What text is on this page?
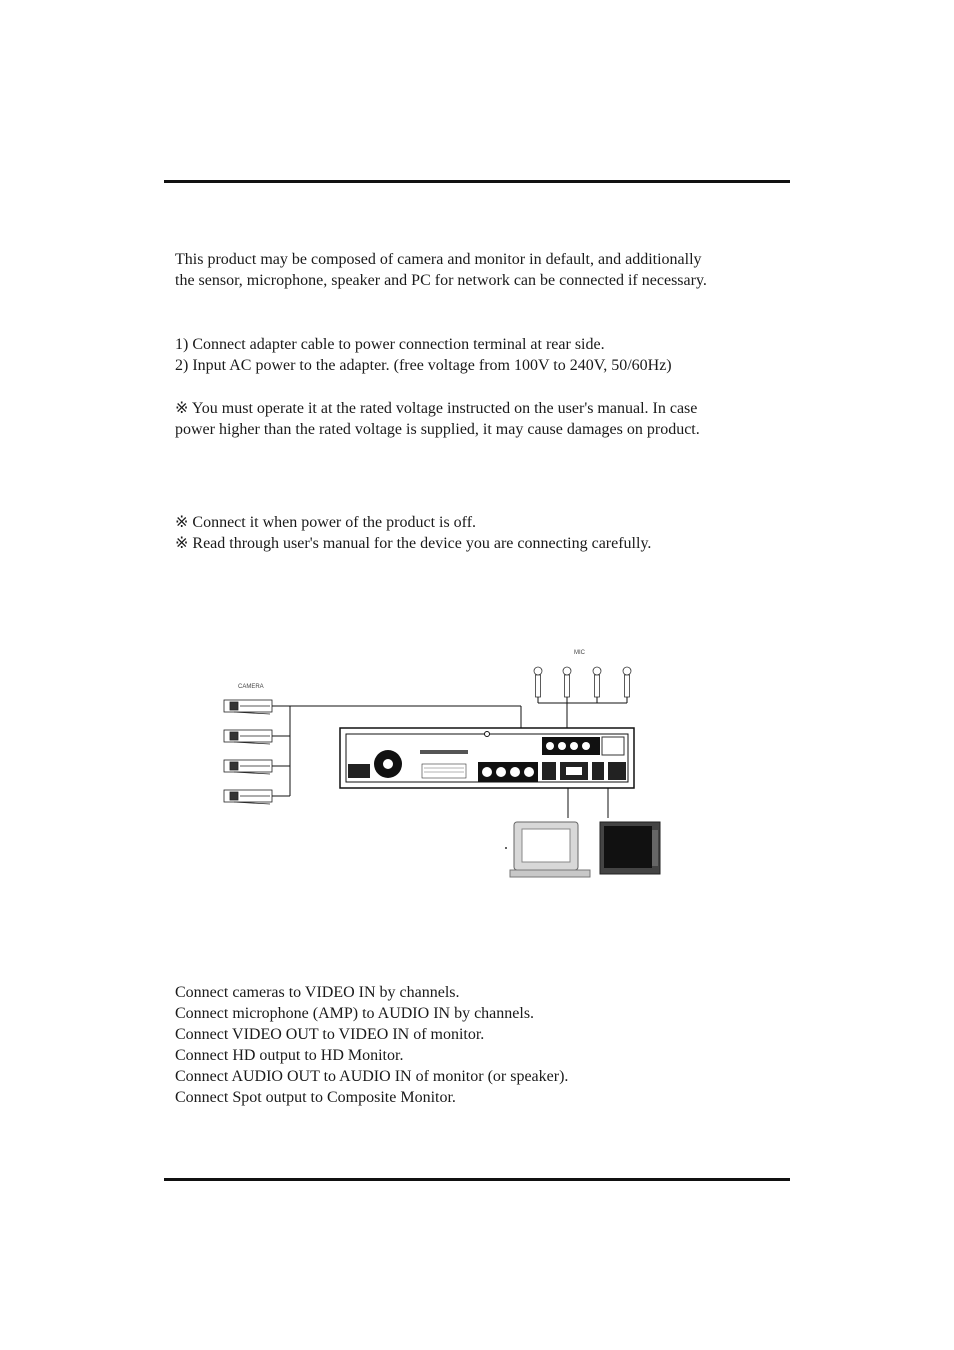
This product may be composed of camera and monitor in default, and additionally
the sensor, microphone, speaker and PC for network can be connected if necessary.
1) Connect adapter cable to power connection terminal at rear side.
2) Input AC power to the adapter. (free voltage from 100V to 240V, 50/60Hz)
※ You must operate it at the rated voltage instructed on the user's manual. In case
power higher than the rated voltage is supplied, it may cause damages on product.
※ Connect it when power of the product is off.
※ Read through user's manual for the device you are connecting carefully.
MIC
CAMERA
Connect cameras to VIDEO IN by channels.
Connect microphone (AMP) to AUDIO IN by channels.
Connect VIDEO OUT to VIDEO IN of monitor.
Connect HD output to HD Monitor.
Connect AUDIO OUT to AUDIO IN of monitor (or speaker).
Connect Spot output to Composite Monitor.
